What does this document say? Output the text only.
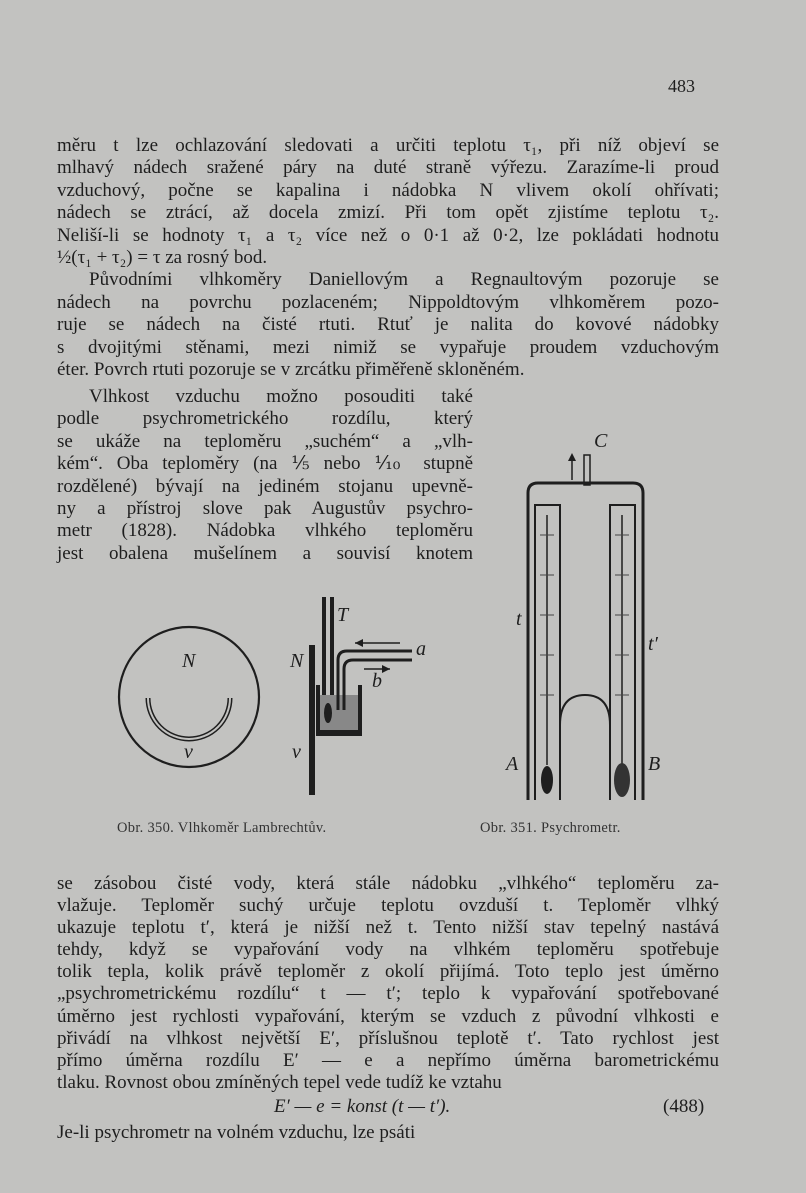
483
měru t lze ochlazování sledovati a určiti teplotu τ₁, při níž objeví se
mlhavý nádech sražené páry na duté straně výřezu. Zarazíme-li proud
vzduchový, počne se kapalina i nádobka N vlivem okolí ohřívati;
nádech se ztrácí, až docela zmizí. Při tom opět zjistíme teplotu τ₂.
Neliší-li se hodnoty τ₁ a τ₂ více než o 0·1 až 0·2, lze pokládati hodnotu
½(τ₁ + τ₂) = τ za rosný bod.
Původními vlhkoměry Daniellovým a Regnaultovým pozoruje se
nádech na povrchu pozlaceném; Nippoldtovým vlhkoměrem pozo-
ruje se nádech na čisté rtuti. Rtuť je nalita do kovové nádobky
s dvojitými stěnami, mezi nimiž se vypařuje proudem vzduchovým
éter. Povrch rtuti pozoruje se v zrcátku přiměřeně skloněném.
Vlhkost vzduchu možno posouditi také
podle psychrometrického rozdílu, který
se ukáže na teploměru „suchém“ a „vlh-
kém“. Oba teploměry (na ⅕ nebo ⅒ stupně
rozdělené) bývají na jediném stojanu upevně-
ny a přístroj slove pak Augustův psychro-
metr (1828). Nádobka vlhkého teploměru
jest obalena mušelínem a souvisí knotem
N
v
T
N
a
b
v
C
t
t′
A	B
Obr. 350. Vlhkoměr Lambrechtův.	Obr. 351. Psychrometr.
se zásobou čisté vody, která stále nádobku „vlhkého“ teploměru za-
vlažuje. Teploměr suchý určuje teplotu ovzduší t. Teploměr vlhký
ukazuje teplotu t′, která je nižší než t. Tento nižší stav tepelný nastává
tehdy, když se vypařování vody na vlhkém teploměru spotřebuje
tolik tepla, kolik právě teploměr z okolí přijímá. Toto teplo jest úměrno
„psychrometrickému rozdílu“ t — t′; teplo k vypařování spotřebované
úměrno jest rychlosti vypařování, kterým se vzduch z původní vlhkosti e
přivádí na vlhkost největší E′, příslušnou teplotě t′. Tato rychlost jest
přímo úměrna rozdílu E′ — e a nepřímo úměrna barometrickému
tlaku. Rovnost obou zmíněných tepel vede tudíž ke vztahu
E′ — e = konst (t — t′).	(488)
Je-li psychrometr na volném vzduchu, lze psáti
